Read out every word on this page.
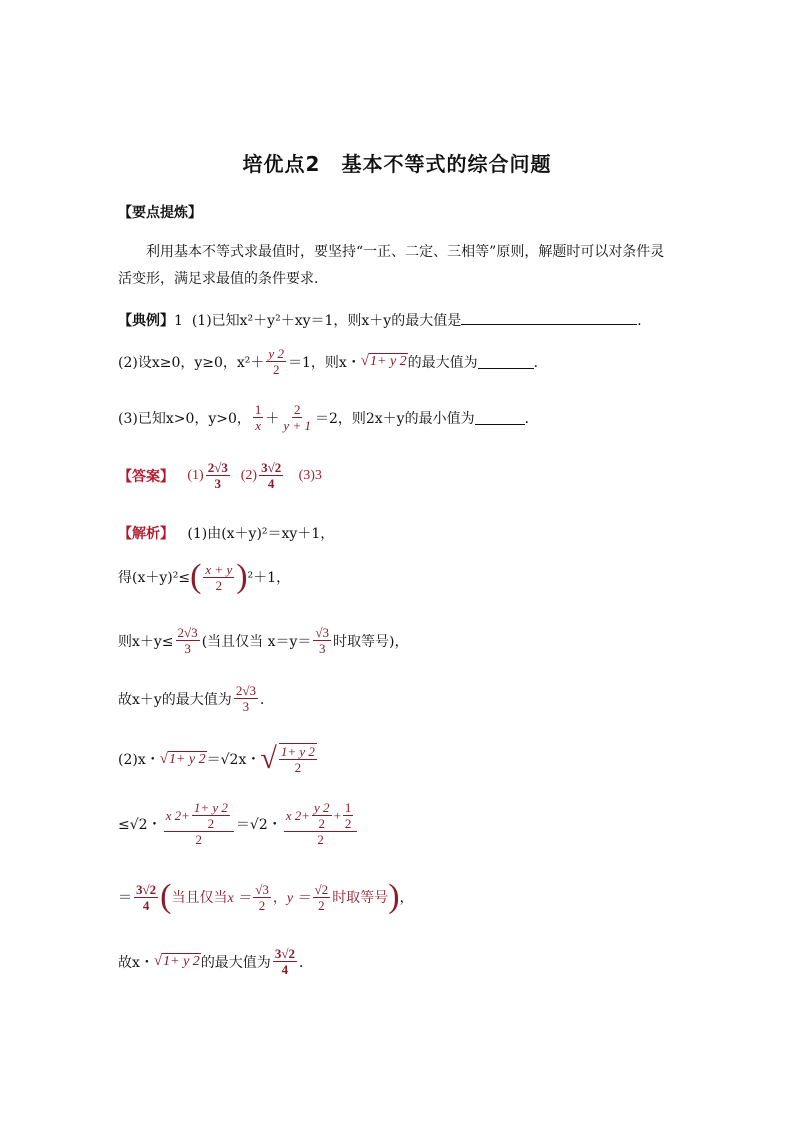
培优点2　基本不等式的综合问题
【要点提炼】
利用基本不等式求最值时，要坚持“一正、二定、三相等”原则，解题时可以对条件灵
活变形，满足求最值的条件要求．
【典例】1 (1)已知x²＋y²＋xy＝1，则x＋y的最大值是	．
(2)设x≥0，y≥0，$x^2+ \frac{y 2}{2} =1$，则x・ √1+ y 2 的最大值为	．
(3)已知x>0，y>0， $\frac{1}{x} + \frac{2}{y + 1} =2$，则2x＋y的最小值为	．
【答案】
$(1) \frac{2√3}{3}$
$(2) \frac{3√2}{4}$
(3)3
【解析】 (1)由(x＋y)²＝xy＋1，
得(x＋y)²≤ ( $\frac{x + y}{2}$ ) ²＋1，
则$x+y\le \frac{2√3}{3}$ (当且仅当 $x=y= \frac{√3}{3}$ 时取等号)，
故x＋y的最大值为 $\frac{2√3}{3}$ ．
(2)x・ √1+ y 2 ＝√2x・ √ $\frac{1+ y 2}{2}$
≤√2・ $\frac{x 2+ \frac{1+ y 2}{2}}{2} =√2$・ $\frac{x 2+ \frac{y 2}{2} + \frac{1}{2}}{2}$
＝ $\frac{3√2}{4}$ ( 当且仅当 $x = \frac{√3}{2}$ ， $y = \frac{√2}{2}$ 时取等号 ) ，
故x・ √1+ y 2 的最大值为 $\frac{3√2}{4}$ ．
